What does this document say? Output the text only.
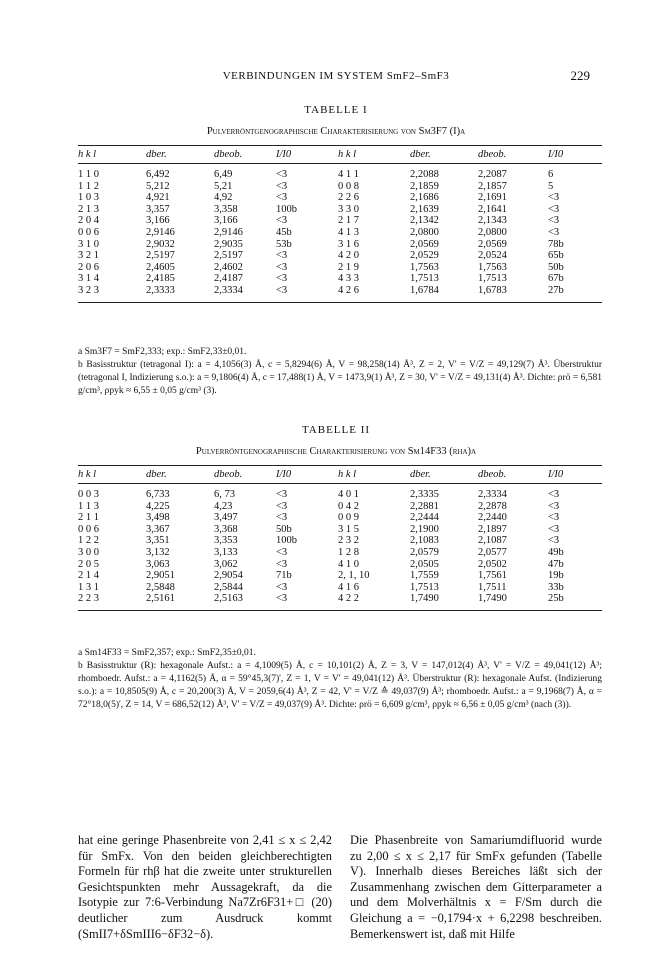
VERBINDUNGEN IM SYSTEM SmF2–SmF3	229
TABELLE I
Pulverröntgenographische Charakterisierung von Sm3F7 (I)a
h k l	dber.	dbeob.	I/I0	h k l	dber.	dbeob.	I/I0
1 1 0	6,492	6,49	<3	4 1 1	2,2088	2,2087	6
1 1 2	5,212	5,21	<3	0 0 8	2,1859	2,1857	5
1 0 3	4,921	4,92	<3	2 2 6	2,1686	2,1691	<3
2 1 3	3,357	3,358	100b	3 3 0	2,1639	2,1641	<3
2 0 4	3,166	3,166	<3	2 1 7	2,1342	2,1343	<3
0 0 6	2,9146	2,9146	45b	4 1 3	2,0800	2,0800	<3
3 1 0	2,9032	2,9035	53b	3 1 6	2,0569	2,0569	78b
3 2 1	2,5197	2,5197	<3	4 2 0	2,0529	2,0524	65b
2 0 6	2,4605	2,4602	<3	2 1 9	1,7563	1,7563	50b
3 1 4	2,4185	2,4187	<3	4 3 3	1,7513	1,7513	67b
3 2 3	2,3333	2,3334	<3	4 2 6	1,6784	1,6783	27b

a Sm3F7 = SmF2,333; exp.: SmF2,33±0,01.

b Basisstruktur (tetragonal I): a = 4,1056(3) Å, c = 5,8294(6) Å, V = 98,258(14) Å³, Z = 2, V' = V/Z = 49,129(7) Å³. Überstruktur (tetragonal I, Indizierung s.o.): a = 9,1806(4) Å, c = 17,488(1) Å, V = 1473,9(1) Å³, Z = 30, V' = V/Z = 49,131(4) Å³. Dichte: ρrö = 6,581 g/cm³, ρpyk ≈ 6,55 ± 0,05 g/cm³ (3).

TABELLE II
Pulverröntgenographische Charakterisierung von Sm14F33 (rhα)a
h k l	dber.	dbeob.	I/I0	h k l	dber.	dbeob.	I/I0
0 0 3	6,733	6, 73	<3	4 0 1	2,3335	2,3334	<3
1 1 3	4,225	4,23	<3	0 4 2	2,2881	2,2878	<3
2 1 1	3,498	3,497	<3	0 0 9	2,2444	2,2440	<3
0 0 6	3,367	3,368	50b	3 1 5	2,1900	2,1897	<3
1 2 2	3,351	3,353	100b	2 3 2	2,1083	2,1087	<3
3 0 0	3,132	3,133	<3	1 2 8	2,0579	2,0577	49b
2 0 5	3,063	3,062	<3	4 1 0	2,0505	2,0502	47b
2 1 4	2,9051	2,9054	71b	2, 1, 10	1,7559	1,7561	19b
1 3 1	2,5848	2,5844	<3	4 1 6	1,7513	1,7511	33b
2 2 3	2,5161	2,5163	<3	4 2 2	1,7490	1,7490	25b

a Sm14F33 = SmF2,357; exp.: SmF2,35±0,01.

b Basisstruktur (R): hexagonale Aufst.: a = 4,1009(5) Å, c = 10,101(2) Å, Z = 3, V = 147,012(4) Å³, V' = V/Z = 49,041(12) Å³; rhomboedr. Aufst.: a = 4,1162(5) Å, α = 59°45,3(7)', Z = 1, V = V' = 49,041(12) Å³. Überstruktur (R): hexagonale Aufst. (Indizierung s.o.): a = 10,8505(9) Å, c = 20,200(3) Å, V = 2059,6(4) Å³, Z = 42, V' = V/Z ≙ 49,037(9) Å³; rhomboedr. Aufst.: a = 9,1968(7) Å, α = 72°18,0(5)', Z = 14, V = 686,52(12) Å³, V' = V/Z = 49,037(9) Å³. Dichte: ρrö = 6,609 g/cm³, ρpyk ≈ 6,56 ± 0,05 g/cm³ (nach (3)).

hat eine geringe Phasenbreite von 2,41 ≤ x ≤ 2,42 für SmFx. Von den beiden gleichberechtigten Formeln für rhβ hat die zweite unter strukturellen Gesichtspunkten mehr Aussagekraft, da die Isotypie zur 7:6-Verbindung Na7Zr6F31+□ (20) deutlicher zum Ausdruck kommt (SmII7+δSmIII6−δF32−δ).

Die Phasenbreite von Samariumdifluorid wurde zu 2,00 ≤ x ≤ 2,17 für SmFx gefunden (Tabelle V). Innerhalb dieses Bereiches läßt sich der Zusammenhang zwischen dem Gitterparameter a und dem Molverhältnis x = F/Sm durch die Gleichung a = −0,1794·x + 6,2298 beschreiben. Bemerkenswert ist, daß mit Hilfe
